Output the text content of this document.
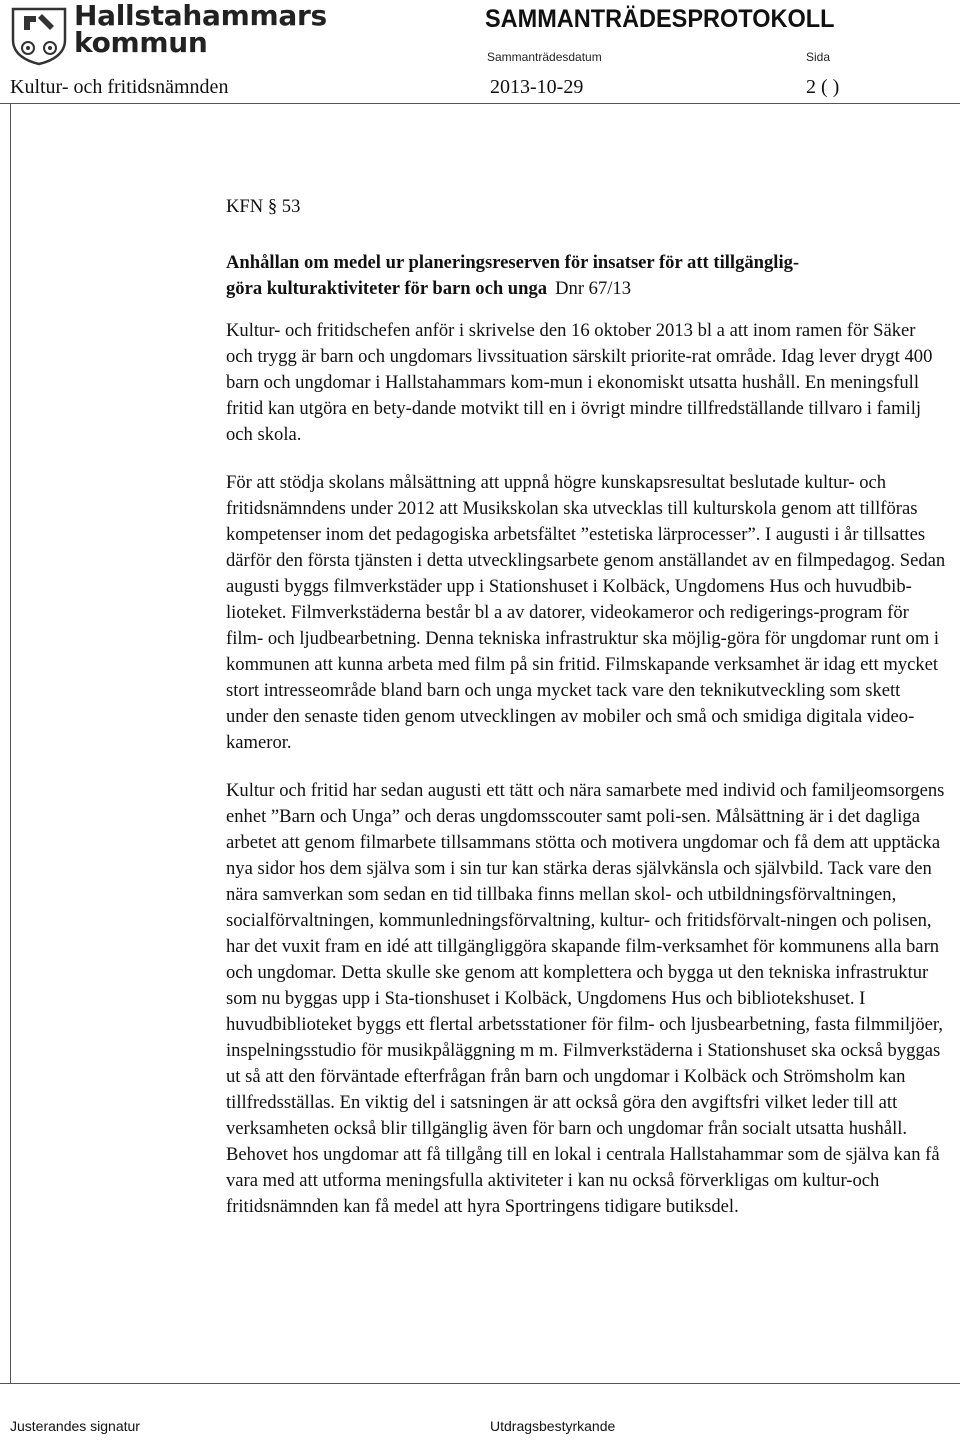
Hallstahammars
kommun
SAMMANTRÄDESPROTOKOLL
Sammanträdesdatum	Sida
Kultur- och fritidsnämnden	2013-10-29	2 ( )

KFN § 53

Anhållan om medel ur planeringsreserven för insatser för att tillgänglig-
göra kulturaktiviteter för barn och unga Dnr 67/13

Kultur- och fritidschefen anför i skrivelse den 16 oktober 2013 bl a att inom ramen för Säker och trygg är barn och ungdomars livssituation särskilt priorite-rat område. Idag lever drygt 400 barn och ungdomar i Hallstahammars kom-mun i ekonomiskt utsatta hushåll. En meningsfull fritid kan utgöra en bety-dande motvikt till en i övrigt mindre tillfredställande tillvaro i familj och skola.

För att stödja skolans målsättning att uppnå högre kunskapsresultat beslutade kultur- och fritidsnämndens under 2012 att Musikskolan ska utvecklas till kulturskola genom att tillföras kompetenser inom det pedagogiska arbetsfältet ”estetiska lärprocesser”. I augusti i år tillsattes därför den första tjänsten i detta utvecklingsarbete genom anställandet av en filmpedagog. Sedan augusti byggs filmverkstäder upp i Stationshuset i Kolbäck, Ungdomens Hus och huvudbib-lioteket. Filmverkstäderna består bl a av datorer, videokameror och redigerings-program för film- och ljudbearbetning. Denna tekniska infrastruktur ska möjlig-göra för ungdomar runt om i kommunen att kunna arbeta med film på sin fritid. Filmskapande verksamhet är idag ett mycket stort intresseområde bland barn och unga mycket tack vare den teknikutveckling som skett under den senaste tiden genom utvecklingen av mobiler och små och smidiga digitala video-kameror.

Kultur och fritid har sedan augusti ett tätt och nära samarbete med individ och familjeomsorgens enhet ”Barn och Unga” och deras ungdomsscouter samt poli-sen. Målsättning är i det dagliga arbetet att genom filmarbete tillsammans stötta och motivera ungdomar och få dem att upptäcka nya sidor hos dem själva som i sin tur kan stärka deras självkänsla och självbild. Tack vare den nära samverkan som sedan en tid tillbaka finns mellan skol- och utbildningsförvaltningen, socialförvaltningen, kommunledningsförvaltning, kultur- och fritidsförvalt-ningen och polisen, har det vuxit fram en idé att tillgängliggöra skapande film-verksamhet för kommunens alla barn och ungdomar. Detta skulle ske genom att komplettera och bygga ut den tekniska infrastruktur som nu byggas upp i Sta-tionshuset i Kolbäck, Ungdomens Hus och bibliotekshuset. I huvudbiblioteket byggs ett flertal arbetsstationer för film- och ljusbearbetning, fasta filmmiljöer, inspelningsstudio för musikpåläggning m m. Filmverkstäderna i Stationshuset ska också byggas ut så att den förväntade efterfrågan från barn och ungdomar i Kolbäck och Strömsholm kan tillfredsställas. En viktig del i satsningen är att också göra den avgiftsfri vilket leder till att verksamheten också blir tillgänglig även för barn och ungdomar från socialt utsatta hushåll. Behovet hos ungdomar att få tillgång till en lokal i centrala Hallstahammar som de själva kan få vara med att utforma meningsfulla aktiviteter i kan nu också förverkligas om kultur-och fritidsnämnden kan få medel att hyra Sportringens tidigare butiksdel.

Justerandes signatur	Utdragsbestyrkande
